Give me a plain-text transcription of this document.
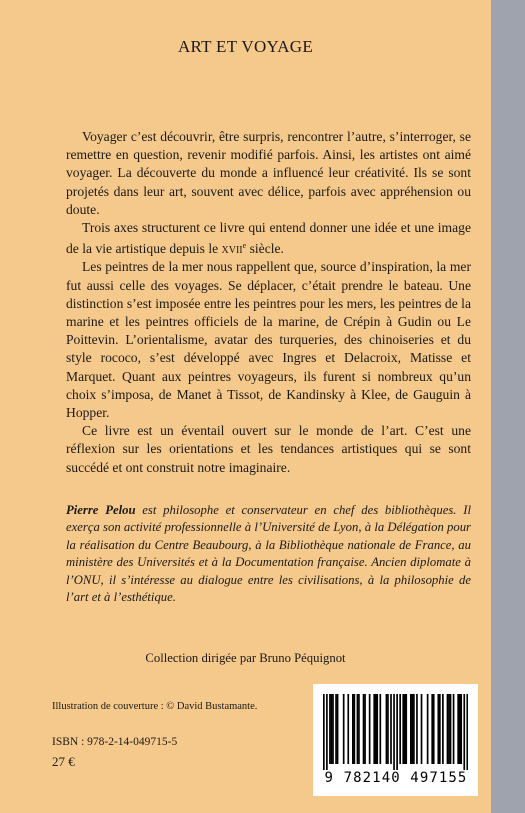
ART ET VOYAGE

Voyager c’est découvrir, être surpris, rencontrer l’autre, s’interroger, se remettre en question, revenir modifié parfois. Ainsi, les artistes ont aimé voyager. La découverte du monde a influencé leur créativité. Ils se sont projetés dans leur art, souvent avec délice, parfois avec appréhension ou doute.

Trois axes structurent ce livre qui entend donner une idée et une image de la vie artistique depuis le xvii$^e$ siècle.

Les peintres de la mer nous rappellent que, source d’inspiration, la mer fut aussi celle des voyages. Se déplacer, c’était prendre le bateau. Une distinction s’est imposée entre les peintres pour les mers, les peintres de la marine et les peintres officiels de la marine, de Crépin à Gudin ou Le Poittevin. L’orientalisme, avatar des turqueries, des chinoiseries et du style rococo, s’est développé avec Ingres et Delacroix, Matisse et Marquet. Quant aux peintres voyageurs, ils furent si nombreux qu’un choix s’imposa, de Manet à Tissot, de Kandinsky à Klee, de Gauguin à Hopper.

Ce livre est un éventail ouvert sur le monde de l’art. C’est une réflexion sur les orientations et les tendances artistiques qui se sont succédé et ont construit notre imaginaire.

Pierre Pelou est philosophe et conservateur en chef des bibliothèques. Il exerça son activité professionnelle à l’Université de Lyon, à la Délégation pour la réalisation du Centre Beaubourg, à la Bibliothèque nationale de France, au ministère des Universités et à la Documentation française. Ancien diplomate à l’ONU, il s’intéresse au dialogue entre les civilisations, à la philosophie de l’art et à l’esthétique.
Collection dirigée par Bruno Péquignot
Illustration de couverture : © David Bustamante.
ISBN : 978-2-14-049715-5
27 €
9 782140 497155
